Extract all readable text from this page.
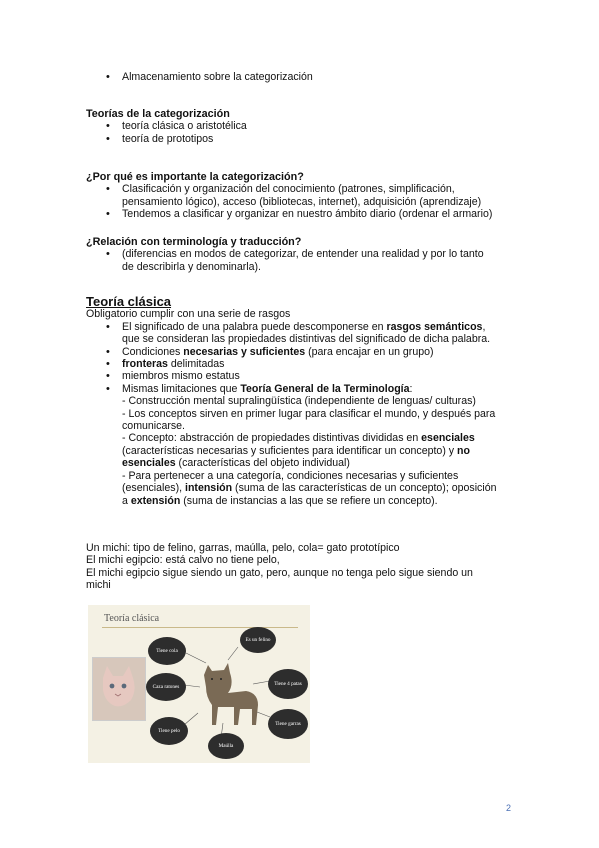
• Almacenamiento sobre la categorización
Teorías de la categorización
• teoría clásica o aristotélica
• teoría de prototipos
¿Por qué es importante la categorización?
• Clasificación y organización del conocimiento (patrones, simplificación,
pensamiento lógico), acceso (bibliotecas, internet), adquisición (aprendizaje)
• Tendemos a clasificar y organizar en nuestro ámbito diario (ordenar el armario)
¿Relación con terminología y traducción?
• (diferencias en modos de categorizar, de entender una realidad y por lo tanto
de describirla y denominarla).
Teoría clásica
Obligatorio cumplir con una serie de rasgos
• El significado de una palabra puede descomponerse en rasgos semánticos,
que se consideran las propiedades distintivas del significado de dicha palabra.
• Condiciones necesarias y suficientes (para encajar en un grupo)
• fronteras delimitadas
• miembros mismo estatus
• Mismas limitaciones que Teoría General de la Terminología:
- Construcción mental supralingüística (independiente de lenguas/ culturas)
- Los conceptos sirven en primer lugar para clasificar el mundo, y después para
comunicarse.
- Concepto: abstracción de propiedades distintivas divididas en esenciales
(características necesarias y suficientes para identificar un concepto) y no
esenciales (características del objeto individual)
- Para pertenecer a una categoría, condiciones necesarias y suficientes
(esenciales), intensión (suma de las características de un concepto); oposición
a extensión (suma de instancias a las que se refiere un concepto).
Un michi: tipo de felino, garras, maúlla, pelo, cola= gato prototípico
El michi egipcio: está calvo no tiene pelo,
El michi egipcio sigue siendo un gato, pero, aunque no tenga pelo sigue siendo un
michi
Teoría clásica
Tiene cola
Es un felino
Caza ratones	Tiene 4 patas
Tiene pelo
Tiene garras
Maúlla
2
